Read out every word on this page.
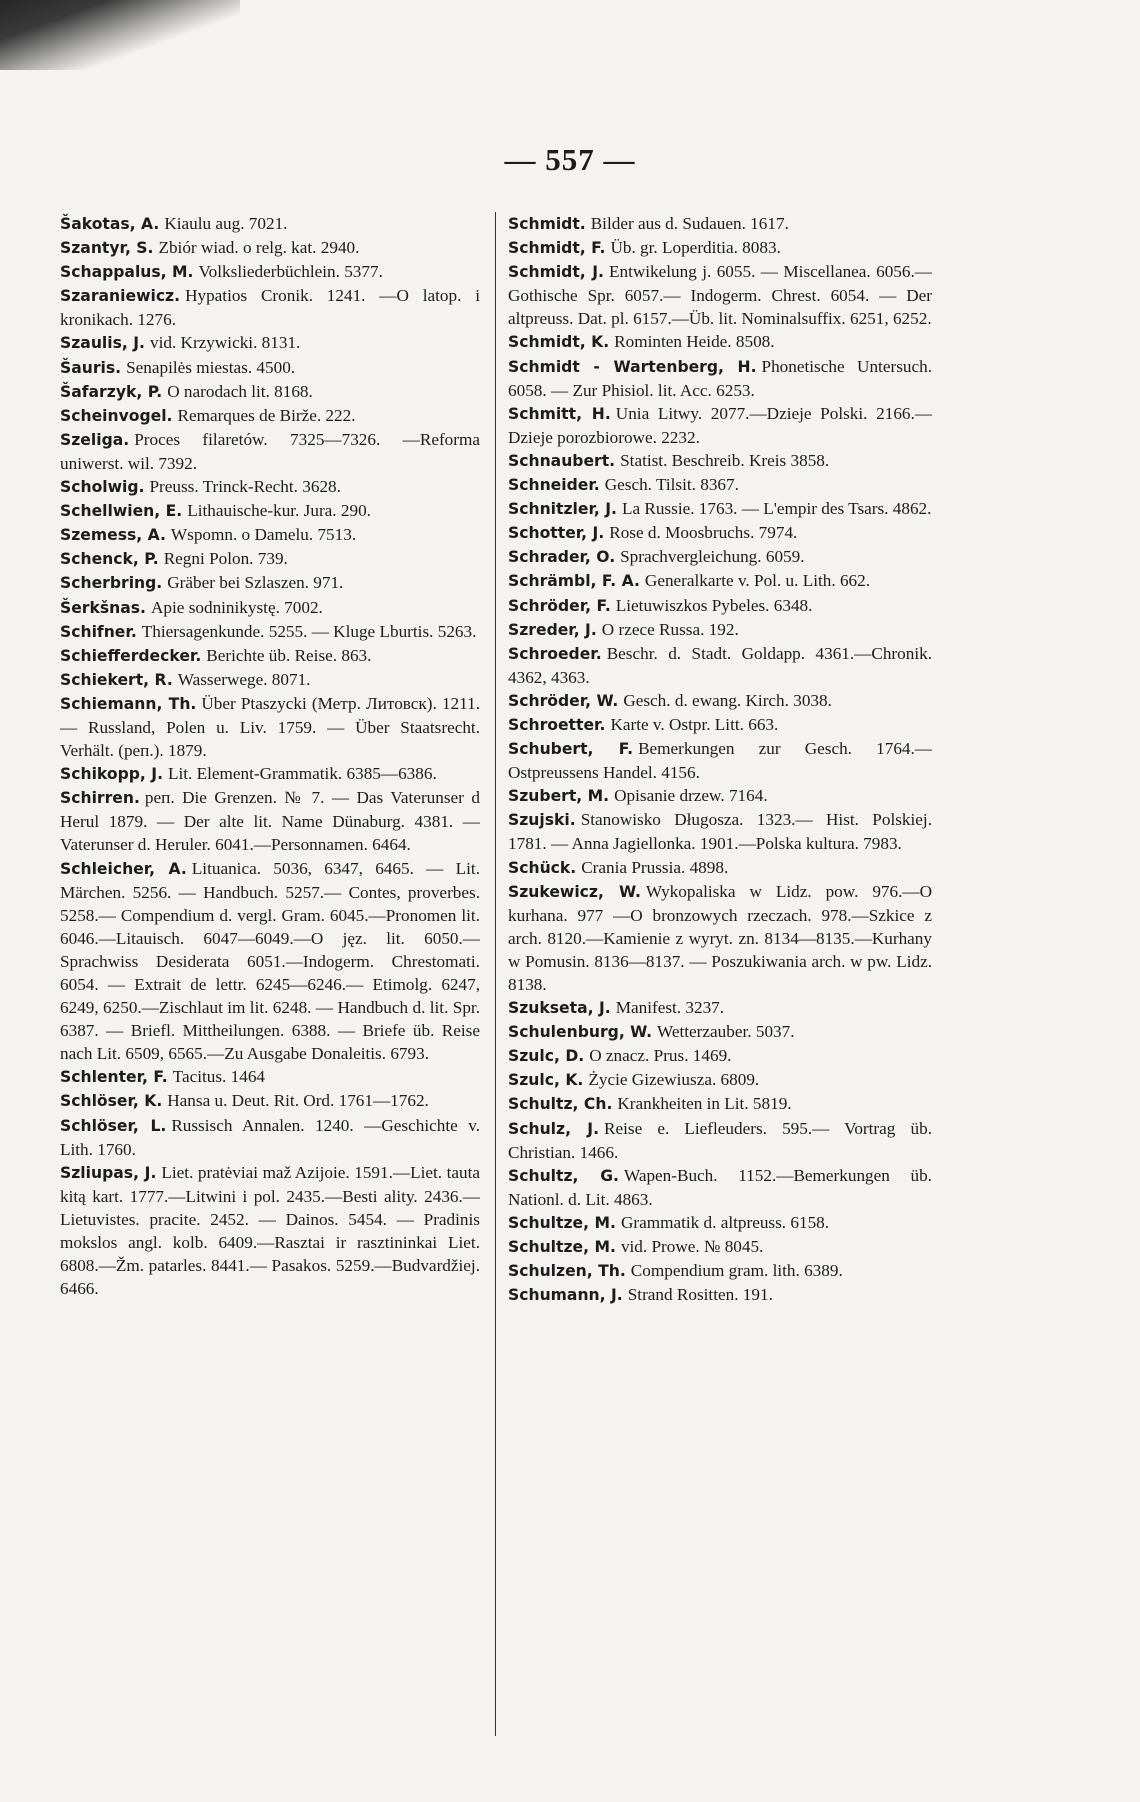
— 557 —
Šakotas, A. Kiaulu aug. 7021.
Szantyr, S. Zbiór wiad. o relg. kat. 2940.
Schappalus, M. Volksliederbüchlein. 5377.
Szaraniewicz. Hypatios Cronik. 1241. —O latop. i kronikach. 1276.
Szaulis, J. vid. Krzywicki. 8131.
Šauris. Senapilės miestas. 4500.
Šafarzyk, P. O narodach lit. 8168.
Scheinvogel. Remarques de Birže. 222.
Szeliga. Proces filaretów. 7325—7326. —Reforma uniwerst. wil. 7392.
Scholwig. Preuss. Trinck-Recht. 3628.
Schellwien, E. Lithauische-kur. Jura. 290.
Szemess, A. Wspomn. o Damelu. 7513.
Schenck, P. Regni Polon. 739.
Scherbring. Gräber bei Szlaszen. 971.
Šerkšnas. Apie sodninikystę. 7002.
Schifner. Thiersagenkunde. 5255. — Kluge Lburtis. 5263.
Schiefferdecker. Berichte üb. Reise. 863.
Schiekert, R. Wasserwege. 8071.
Schiemann, Th. Über Ptaszycki (Метр. Литовск). 1211. — Russland, Polen u. Liv. 1759. — Über Staatsrecht. Verhält. (реп.). 1879.
Schikopp, J. Lit. Element-Grammatik. 6385—6386.
Schirren. реп. Die Grenzen. № 7. — Das Vaterunser d Herul 1879. — Der alte lit. Name Dünaburg. 4381. — Vaterunser d. Heruler. 6041.—Personnamen. 6464.
Schleicher, A. Lituanica. 5036, 6347, 6465. — Lit. Märchen. 5256. — Handbuch. 5257.— Contes, proverbes. 5258.— Compendium d. vergl. Gram. 6045.—Pronomen lit. 6046.—Litauisch. 6047—6049.—O jęz. lit. 6050.—Sprachwiss Desiderata 6051.—Indogerm. Chrestomati. 6054. — Extrait de lettr. 6245—6246.— Etimolg. 6247, 6249, 6250.—Zischlaut im lit. 6248. — Handbuch d. lit. Spr. 6387. — Briefl. Mittheilungen. 6388. — Briefe üb. Reise nach Lit. 6509, 6565.—Zu Ausgabe Donaleitis. 6793.
Schlenter, F. Tacitus. 1464
Schlöser, K. Hansa u. Deut. Rit. Ord. 1761—1762.
Schlöser, L. Russisch Annalen. 1240. —Geschichte v. Lith. 1760.
Szliupas, J. Liet. pratėviai maž Azijoie. 1591.—Liet. tauta kitą kart. 1777.—Litwini i pol. 2435.—Besti ality. 2436.—Lietuvistes. pracite. 2452. — Dainos. 5454. — Pradinis mokslos angl. kolb. 6409.—Rasztai ir rasztininkai Liet. 6808.—Žm. patarles. 8441.— Pasakos. 5259.—Budvardžiej. 6466.
Schmidt. Bilder aus d. Sudauen. 1617.
Schmidt, F. Üb. gr. Loperditia. 8083.
Schmidt, J. Entwikelung j. 6055. — Miscellanea. 6056.— Gothische Spr. 6057.— Indogerm. Chrest. 6054. — Der altpreuss. Dat. pl. 6157.—Üb. lit. Nominalsuffix. 6251, 6252.
Schmidt, K. Rominten Heide. 8508.
Schmidt - Wartenberg, H. Phonetische Untersuch. 6058. — Zur Phisiol. lit. Acc. 6253.
Schmitt, H. Unia Litwy. 2077.—Dzieje Polski. 2166.—Dzieje porozbiorowe. 2232.
Schnaubert. Statist. Beschreib. Kreis 3858.
Schneider. Gesch. Tilsit. 8367.
Schnitzler, J. La Russie. 1763. — L'empir des Tsars. 4862.
Schotter, J. Rose d. Moosbruchs. 7974.
Schrader, O. Sprachvergleichung. 6059.
Schrämbl, F. A. Generalkarte v. Pol. u. Lith. 662.
Schröder, F. Lietuwiszkos Pybeles. 6348.
Szreder, J. O rzece Russa. 192.
Schroeder. Beschr. d. Stadt. Goldapp. 4361.—Chronik. 4362, 4363.
Schröder, W. Gesch. d. ewang. Kirch. 3038.
Schroetter. Karte v. Ostpr. Litt. 663.
Schubert, F. Bemerkungen zur Gesch. 1764.—Ostpreussens Handel. 4156.
Szubert, M. Opisanie drzew. 7164.
Szujski. Stanowisko Długosza. 1323.— Hist. Polskiej. 1781. — Anna Jagiellonka. 1901.—Polska kultura. 7983.
Schück. Crania Prussia. 4898.
Szukewicz, W. Wykopaliska w Lidz. pow. 976.—O kurhana. 977 —O bronzowych rzeczach. 978.—Szkice z arch. 8120.—Kamienie z wyryt. zn. 8134—8135.—Kurhany w Pomusin. 8136—8137. — Poszukiwania arch. w pw. Lidz. 8138.
Szukseta, J. Manifest. 3237.
Schulenburg, W. Wetterzauber. 5037.
Szulc, D. O znacz. Prus. 1469.
Szulc, K. Życie Gizewiusza. 6809.
Schultz, Ch. Krankheiten in Lit. 5819.
Schulz, J. Reise e. Liefleuders. 595.— Vortrag üb. Christian. 1466.
Schultz, G. Wapen-Buch. 1152.—Bemerkungen üb. Nationl. d. Lit. 4863.
Schultze, M. Grammatik d. altpreuss. 6158.
Schultze, M. vid. Prowe. № 8045.
Schulzen, Th. Compendium gram. lith. 6389.
Schumann, J. Strand Rositten. 191.
